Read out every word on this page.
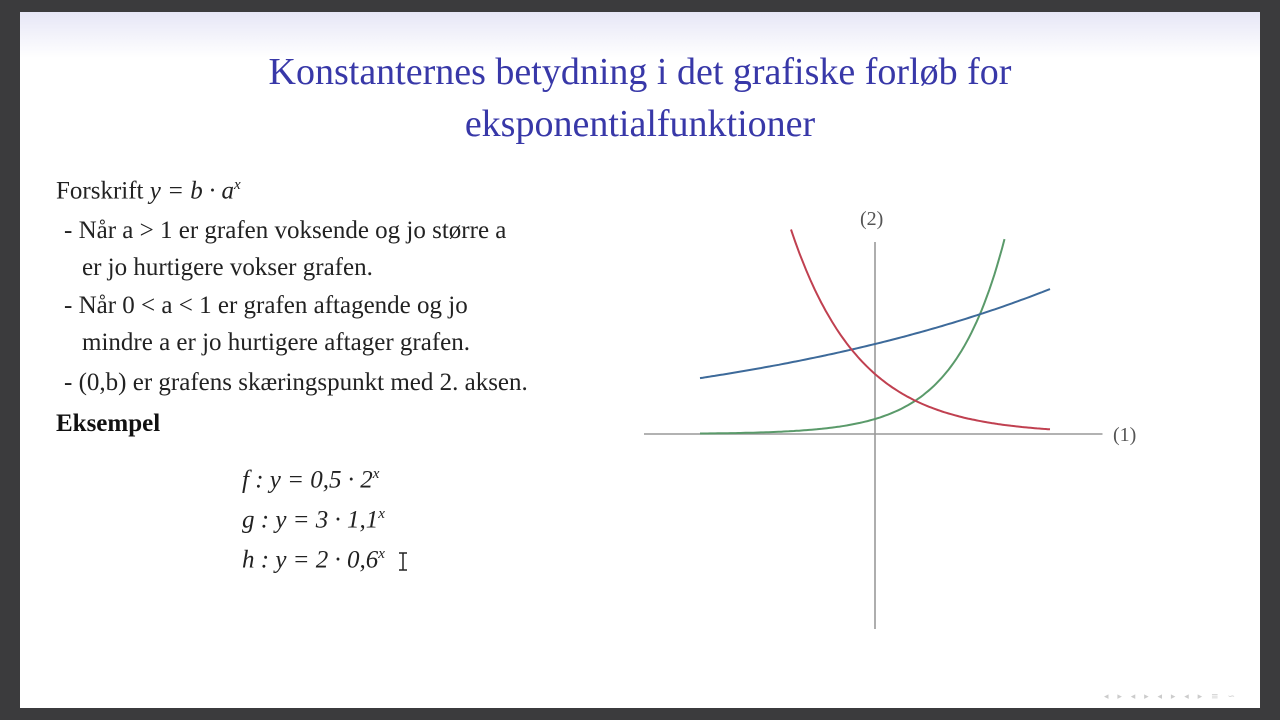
Konstanternes betydning i det grafiske forløb for
eksponentialfunktioner
Forskrift $y = b \cdot a^x$
- Når a > 1 er grafen voksende og jo større a
er jo hurtigere vokser grafen.
- Når 0 < a < 1 er grafen aftagende og jo
mindre a er jo hurtigere aftager grafen.
- (0,b) er grafens skæringspunkt med 2. aksen.
Eksempel
f : $y = 0,5 \cdot 2^x$
g : $y = 3 \cdot 1,1^x$
h : $y = 2 \cdot 0,6^x$
◂ ▸ ◂ ▸ ◂ ▸ ◂ ▸ ≡ ∽
(1)
(2)
